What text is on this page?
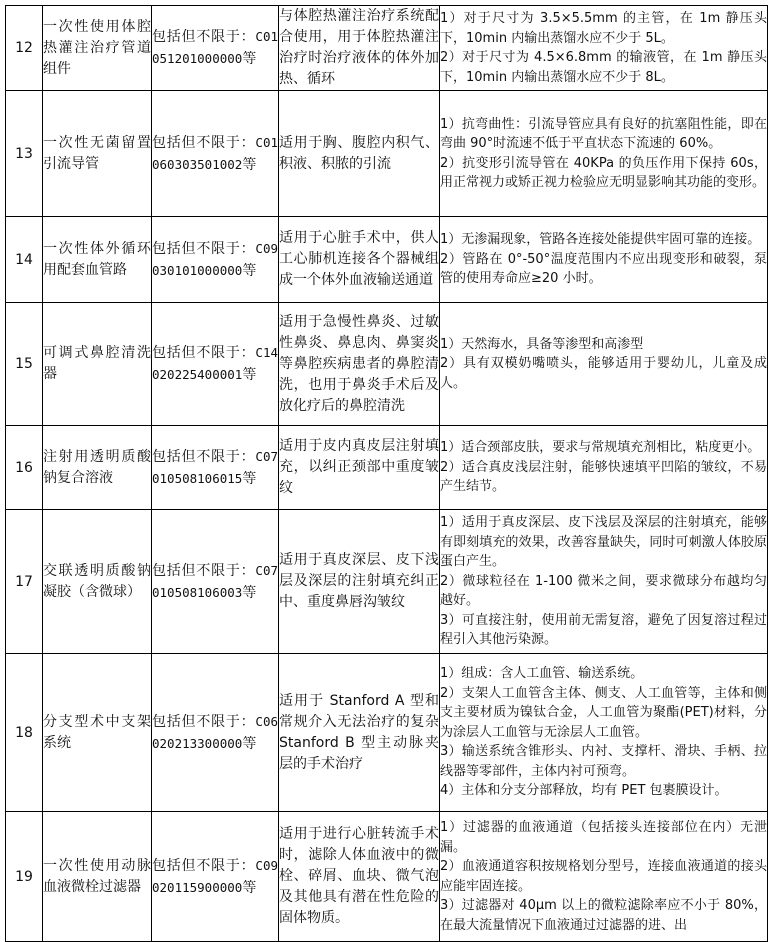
12	一次性使用体腔热灌注治疗管道组件	包括但不限于：C01051201000000等	与体腔热灌注治疗系统配合使用，用于体腔热灌注治疗时治疗液体的体外加热、循环	1）对于尺寸为 3.5×5.5mm 的主管，在 1m 静压头下，10min 内输出蒸馏水应不少于 5L。
2）对于尺寸为 4.5×6.8mm 的输液管，在 1m 静压头下，10min 内输出蒸馏水应不少于 8L。

13	一次性无菌留置引流导管	包括但不限于：C01060303501002等	适用于胸、腹腔内积气、积液、积脓的引流	1）抗弯曲性：引流导管应具有良好的抗塞阻性能，即在弯曲 90°时流速不低于平直状态下流速的 60%。
2）抗变形引流导管在 40KPa 的负压作用下保持 60s，用正常视力或矫正视力检验应无明显影响其功能的变形。

14	一次性体外循环用配套血管路	包括但不限于：C09030101000000等	适用于心脏手术中，供人工心肺机连接各个器械组成一个体外血液输送通道	1）无渗漏现象，管路各连接处能提供牢固可靠的连接。
2）管路在 0°-50°温度范围内不应出现变形和破裂，泵管的使用寿命应≥20 小时。

15	可调式鼻腔清洗器	包括但不限于：C14020225400001等	适用于急慢性鼻炎、过敏性鼻炎、鼻息肉、鼻窦炎等鼻腔疾病患者的鼻腔清洗，也用于鼻炎手术后及放化疗后的鼻腔清洗	1）天然海水，具备等渗型和高渗型
2）具有双模奶嘴喷头，能够适用于婴幼儿，儿童及成人。

16	注射用透明质酸钠复合溶液	包括但不限于：C07010508106015等	适用于皮内真皮层注射填充，以纠正颈部中重度皱纹	1）适合颈部皮肤，要求与常规填充剂相比，粘度更小。
2）适合真皮浅层注射，能够快速填平凹陷的皱纹，不易产生结节。

17	交联透明质酸钠凝胶（含微球）	包括但不限于：C07010508106003等	适用于真皮深层、皮下浅层及深层的注射填充纠正中、重度鼻唇沟皱纹	1）适用于真皮深层、皮下浅层及深层的注射填充，能够有即刻填充的效果，改善容量缺失，同时可刺激人体胶原蛋白产生。
2）微球粒径在 1-100 微米之间，要求微球分布越均匀越好。
3）可直接注射，使用前无需复溶，避免了因复溶过程过程引入其他污染源。

18	分支型术中支架系统	包括但不限于：C06020213300000等	适用于 Stanford A 型和常规介入无法治疗的复杂 Stanford B 型主动脉夹层的手术治疗	1）组成：含人工血管、输送系统。
2）支架人工血管含主体、侧支、人工血管等，主体和侧支主要材质为镍钛合金，人工血管为聚酯(PET)材料，分为涂层人工血管与无涂层人工血管。
3）输送系统含锥形头、内衬、支撑杆、滑块、手柄、拉线器等零部件，主体内衬可预弯。
4）主体和分支分部释放，均有 PET 包裹膜设计。

19	一次性使用动脉血液微栓过滤器	包括但不限于：C09020115900000等	适用于进行心脏转流手术时，滤除人体血液中的微栓、碎屑、血块、微气泡及其他具有潜在性危险的固体物质。	1）过滤器的血液通道（包括接头连接部位在内）无泄漏。
2）血液通道容积按规格划分型号，连接血液通道的接头应能牢固连接。
3）过滤器对 40μm 以上的微粒滤除率应不小于 80%，在最大流量情况下血液通过过滤器的进、出
